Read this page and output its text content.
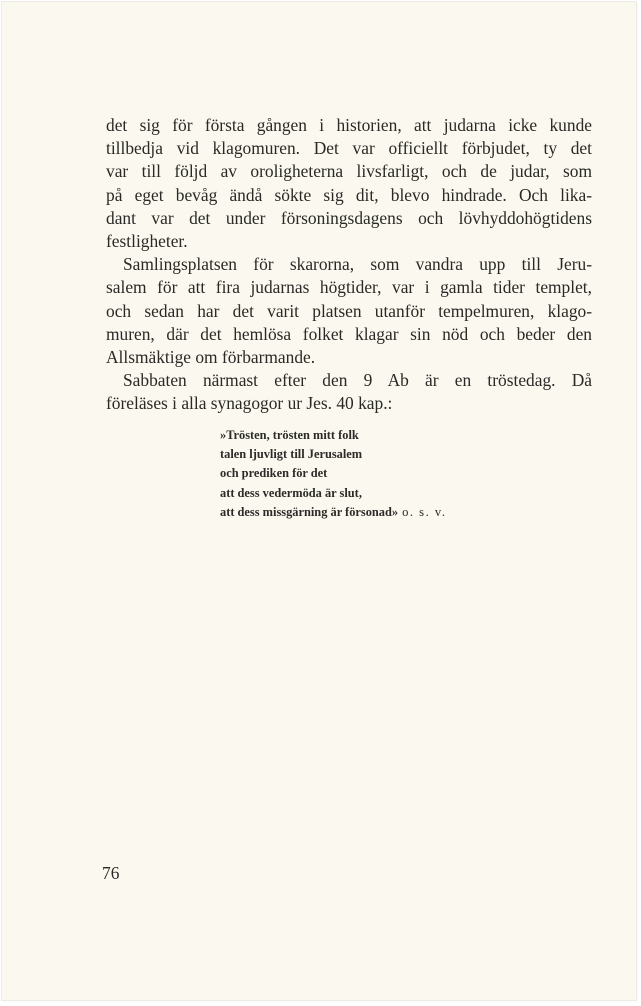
det sig för första gången i historien, att judarna icke kunde
tillbedja vid klagomuren. Det var officiellt förbjudet, ty det
var till följd av oroligheterna livsfarligt, och de judar, som
på eget bevåg ändå sökte sig dit, blevo hindrade. Och lika-
dant var det under försoningsdagens och lövhyddohögtidens
festligheter.
Samlingsplatsen för skarorna, som vandra upp till Jeru-
salem för att fira judarnas högtider, var i gamla tider templet,
och sedan har det varit platsen utanför tempelmuren, klago-
muren, där det hemlösa folket klagar sin nöd och beder den
Allsmäktige om förbarmande.
Sabbaten närmast efter den 9 Ab är en tröstedag. Då
föreläses i alla synagogor ur Jes. 40 kap.:
»Trösten, trösten mitt folk
talen ljuvligt till Jerusalem
och prediken för det
att dess vedermöda är slut,
att dess missgärning är försonad» o. s. v.
76
